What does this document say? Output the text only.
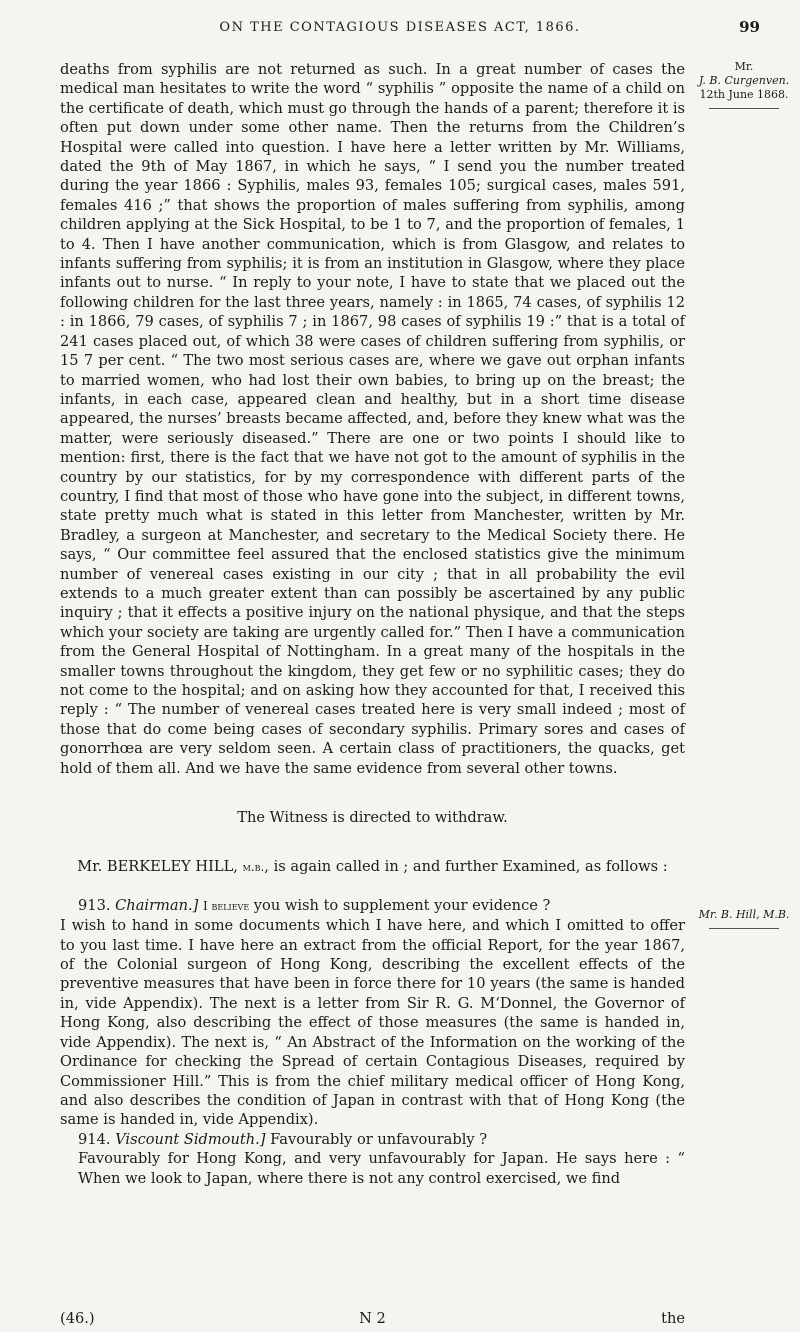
ON THE CONTAGIOUS DISEASES ACT, 1866.	99
Mr.
J. B. Curgenven.
12th June 1868.
Mr. B. Hill, M.B.

deaths from syphilis are not returned as such. In a great number of cases the medical man hesitates to write the word “ syphilis ” opposite the name of a child on the certificate of death, which must go through the hands of a parent; therefore it is often put down under some other name. Then the returns from the Children’s Hospital were called into question. I have here a letter written by Mr. Williams, dated the 9th of May 1867, in which he says, “ I send you the number treated during the year 1866 : Syphilis, males 93, females 105; surgical cases, males 591, females 416 ;” that shows the proportion of males suffering from syphilis, among children applying at the Sick Hospital, to be 1 to 7, and the proportion of females, 1 to 4. Then I have another communication, which is from Glasgow, and relates to infants suffering from syphilis; it is from an institution in Glasgow, where they place infants out to nurse. “ In reply to your note, I have to state that we placed out the following children for the last three years, namely : in 1865, 74 cases, of syphilis 12 : in 1866, 79 cases, of syphilis 7 ; in 1867, 98 cases of syphilis 19 :” that is a total of 241 cases placed out, of which 38 were cases of children suffering from syphilis, or 15 7 per cent. “ The two most serious cases are, where we gave out orphan infants to married women, who had lost their own babies, to bring up on the breast; the infants, in each case, appeared clean and healthy, but in a short time disease appeared, the nurses’ breasts became affected, and, before they knew what was the matter, were seriously diseased.” There are one or two points I should like to mention: first, there is the fact that we have not got to the amount of syphilis in the country by our statistics, for by my correspondence with different parts of the country, I find that most of those who have gone into the subject, in different towns, state pretty much what is stated in this letter from Manchester, written by Mr. Bradley, a surgeon at Manchester, and secretary to the Medical Society there. He says, “ Our committee feel assured that the enclosed statistics give the minimum number of venereal cases existing in our city ; that in all probability the evil extends to a much greater extent than can possibly be ascertained by any public inquiry ; that it effects a positive injury on the national physique, and that the steps which your society are taking are urgently called for.” Then I have a communication from the General Hospital of Nottingham. In a great many of the hospitals in the smaller towns throughout the kingdom, they get few or no syphilitic cases; they do not come to the hospital; and on asking how they accounted for that, I received this reply : “ The number of venereal cases treated here is very small indeed ; most of those that do come being cases of secondary syphilis. Primary sores and cases of gonorrhœa are very seldom seen. A certain class of practitioners, the quacks, get hold of them all. And we have the same evidence from several other towns.

The Witness is directed to withdraw.

Mr. BERKELEY HILL, m.b., is again called in ; and further Examined, as follows :

913. Chairman.] I believe you wish to supplement your evidence ?

I wish to hand in some documents which I have here, and which I omitted to offer to you last time. I have here an extract from the official Report, for the year 1867, of the Colonial surgeon of Hong Kong, describing the excellent effects of the preventive measures that have been in force there for 10 years (the same is handed in, vide Appendix). The next is a letter from Sir R. G. M‘Donnel, the Governor of Hong Kong, also describing the effect of those measures (the same is handed in, vide Appendix). The next is, “ An Abstract of the Information on the working of the Ordinance for checking the Spread of certain Contagious Diseases, required by Commissioner Hill.” This is from the chief military medical officer of Hong Kong, and also describes the condition of Japan in contrast with that of Hong Kong (the same is handed in, vide Appendix).

914. Viscount Sidmouth.] Favourably or unfavourably ?

Favourably for Hong Kong, and very unfavourably for Japan. He says here : “ When we look to Japan, where there is not any control exercised, we find

(46.)	N 2	the
